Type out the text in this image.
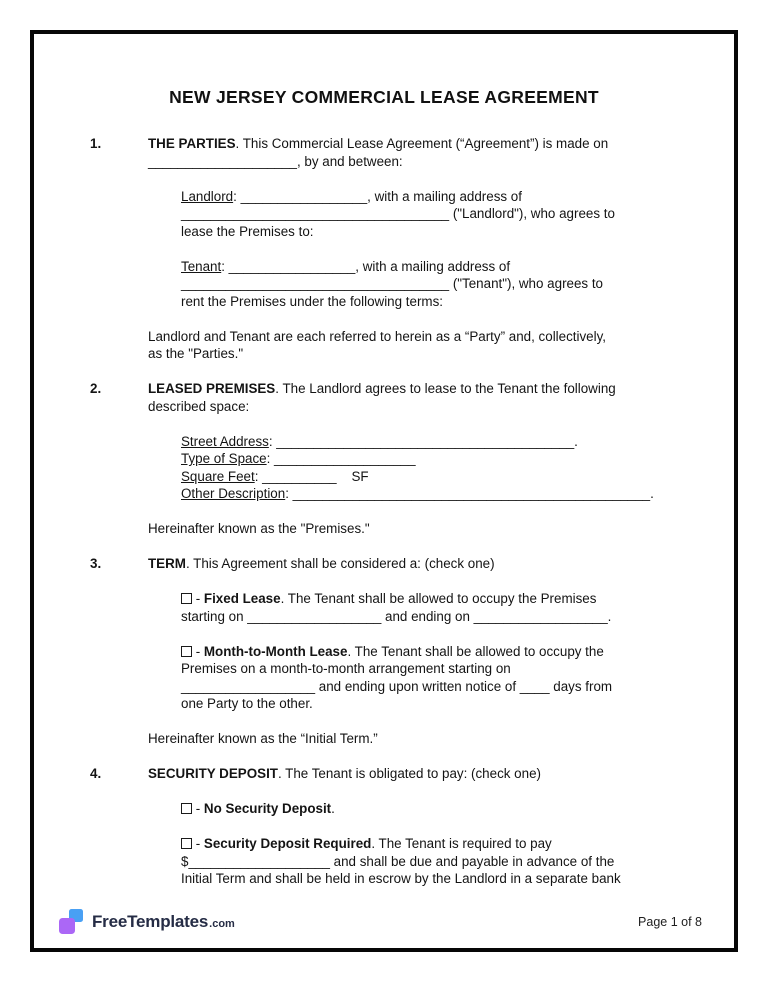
NEW JERSEY COMMERCIAL LEASE AGREEMENT
1.	THE PARTIES. This Commercial Lease Agreement (“Agreement”) is made on
____________________, by and between:
Landlord: _________________, with a mailing address of
____________________________________ ("Landlord"), who agrees to
lease the Premises to:
Tenant: _________________, with a mailing address of
____________________________________ ("Tenant"), who agrees to
rent the Premises under the following terms:
Landlord and Tenant are each referred to herein as a “Party” and, collectively,
as the "Parties."
2.	LEASED PREMISES. The Landlord agrees to lease to the Tenant the following
described space:
Street Address: ________________________________________.
Type of Space: ___________________
Square Feet: __________    SF
Other Description: ________________________________________________.
Hereinafter known as the "Premises."
3.	TERM. This Agreement shall be considered a: (check one)
- Fixed Lease. The Tenant shall be allowed to occupy the Premises
starting on __________________ and ending on __________________.
- Month-to-Month Lease. The Tenant shall be allowed to occupy the
Premises on a month-to-month arrangement starting on
__________________ and ending upon written notice of ____ days from
one Party to the other.
Hereinafter known as the “Initial Term.”
4.	SECURITY DEPOSIT. The Tenant is obligated to pay: (check one)
- No Security Deposit.
- Security Deposit Required. The Tenant is required to pay
$___________________ and shall be due and payable in advance of the
Initial Term and shall be held in escrow by the Landlord in a separate bank
FreeTemplates .com	Page 1 of 8
